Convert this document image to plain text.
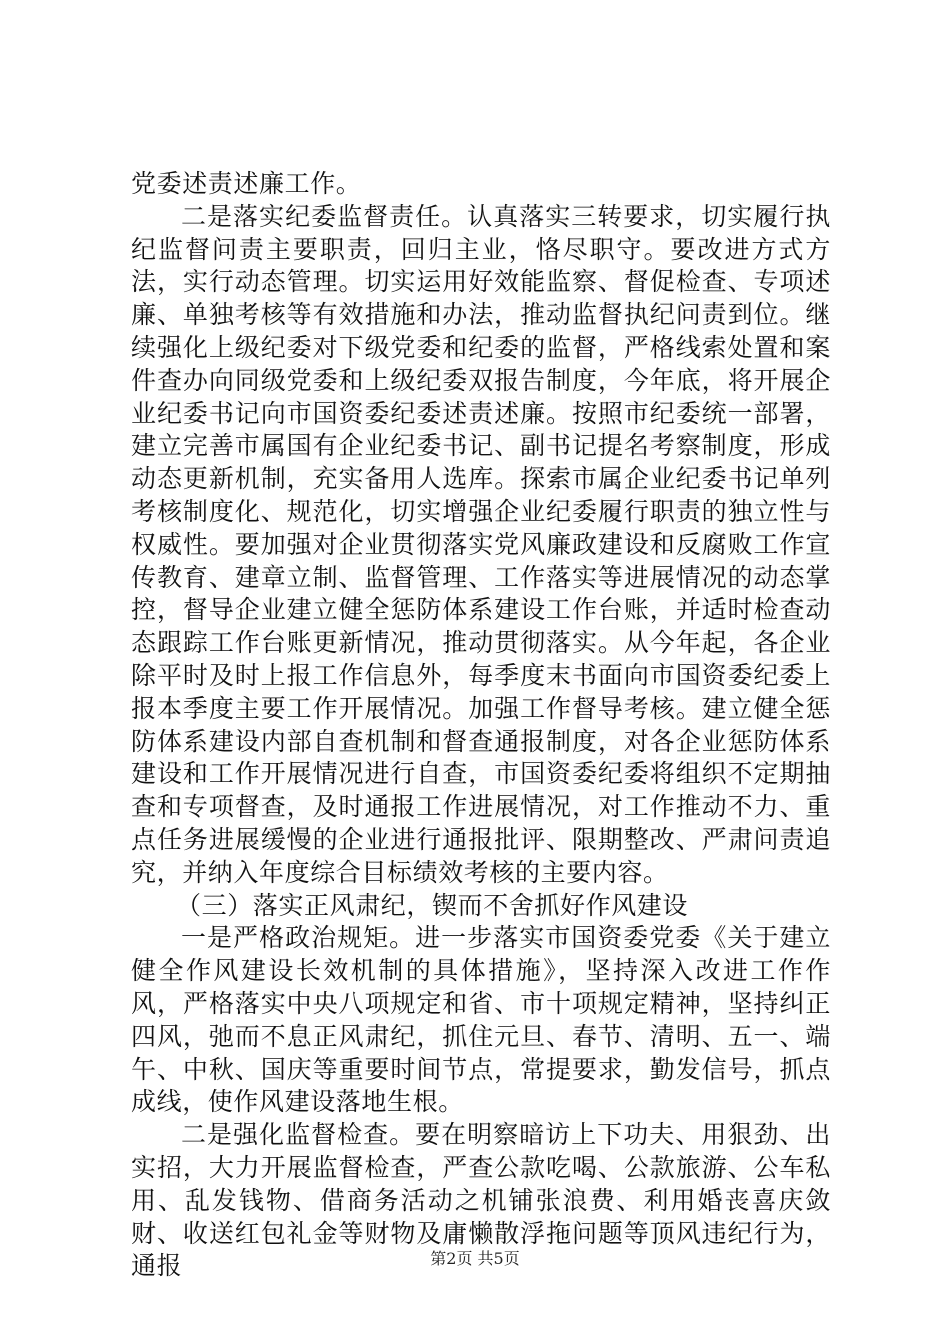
党委述责述廉工作。

二是落实纪委监督责任。认真落实三转要求，切实履行执纪监督问责主要职责，回归主业，恪尽职守。要改进方式方法，实行动态管理。切实运用好效能监察、督促检查、专项述廉、单独考核等有效措施和办法，推动监督执纪问责到位。继续强化上级纪委对下级党委和纪委的监督，严格线索处置和案件查办向同级党委和上级纪委双报告制度，今年底，将开展企业纪委书记向市国资委纪委述责述廉。按照市纪委统一部署，建立完善市属国有企业纪委书记、副书记提名考察制度，形成动态更新机制，充实备用人选库。探索市属企业纪委书记单列考核制度化、规范化，切实增强企业纪委履行职责的独立性与权威性。要加强对企业贯彻落实党风廉政建设和反腐败工作宣传教育、建章立制、监督管理、工作落实等进展情况的动态掌控，督导企业建立健全惩防体系建设工作台账，并适时检查动态跟踪工作台账更新情况，推动贯彻落实。从今年起，各企业除平时及时上报工作信息外，每季度末书面向市国资委纪委上报本季度主要工作开展情况。加强工作督导考核。建立健全惩防体系建设内部自查机制和督查通报制度，对各企业惩防体系建设和工作开展情况进行自查，市国资委纪委将组织不定期抽查和专项督查，及时通报工作进展情况，对工作推动不力、重点任务进展缓慢的企业进行通报批评、限期整改、严肃问责追究，并纳入年度综合目标绩效考核的主要内容。

（三）落实正风肃纪，锲而不舍抓好作风建设

一是严格政治规矩。进一步落实市国资委党委《关于建立健全作风建设长效机制的具体措施》，坚持深入改进工作作风，严格落实中央八项规定和省、市十项规定精神，坚持纠正四风，弛而不息正风肃纪，抓住元旦、春节、清明、五一、端午、中秋、国庆等重要时间节点，常提要求，勤发信号，抓点成线，使作风建设落地生根。

二是强化监督检查。要在明察暗访上下功夫、用狠劲、出实招，大力开展监督检查，严查公款吃喝、公款旅游、公车私用、乱发钱物、借商务活动之机铺张浪费、利用婚丧喜庆敛财、收送红包礼金等财物及庸懒散浮拖问题等顶风违纪行为，通报	第2页 共5页
